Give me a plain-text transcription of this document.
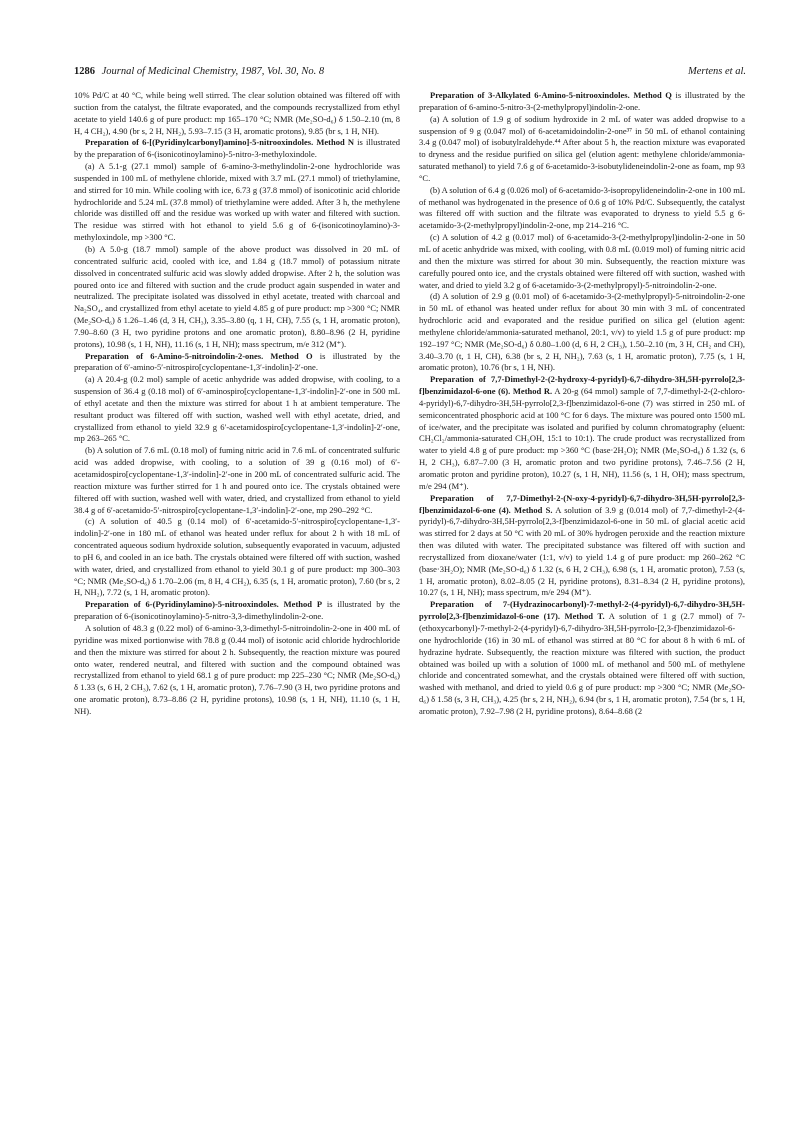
1286 Journal of Medicinal Chemistry, 1987, Vol. 30, No. 8	Mertens et al.

10% Pd/C at 40 °C, while being well stirred. The clear solution obtained was filtered off with suction from the catalyst, the filtrate evaporated, and the compounds recrystallized from ethyl acetate to yield 140.6 g of pure product: mp 165–170 °C; NMR (Me₂SO-d₆) δ 1.50–2.10 (m, 8 H, 4 CH₂), 4.90 (br s, 2 H, NH₂), 5.93–7.15 (3 H, aromatic protons), 9.85 (br s, 1 H, NH).

Preparation of 6-[(Pyridinylcarbonyl)amino]-5-nitrooxindoles. Method N is illustrated by the preparation of 6-(isonicotinoylamino)-5-nitro-3-methyloxindole.

(a) A 5.1-g (27.1 mmol) sample of 6-amino-3-methylindolin-2-one hydrochloride was suspended in 100 mL of methylene chloride, mixed with 3.7 mL (27.1 mmol) of triethylamine, and stirred for 10 min. While cooling with ice, 6.73 g (37.8 mmol) of isonicotinic acid chloride hydrochloride and 5.24 mL (37.8 mmol) of triethylamine were added. After 3 h, the methylene chloride was distilled off and the residue was worked up with water and filtered with suction. The residue was stirred with hot ethanol to yield 5.6 g of 6-(isonicotinoylamino)-3-methyloxindole, mp >300 °C.

(b) A 5.0-g (18.7 mmol) sample of the above product was dissolved in 20 mL of concentrated sulfuric acid, cooled with ice, and 1.84 g (18.7 mmol) of potassium nitrate dissolved in concentrated sulfuric acid was slowly added dropwise. After 2 h, the solution was poured onto ice and filtered with suction and the crude product again suspended in water and neutralized. The precipitate isolated was dissolved in ethyl acetate, treated with charcoal and Na₂SO₄, and crystallized from ethyl acetate to yield 4.85 g of pure product: mp >300 °C; NMR (Me₂SO-d₆) δ 1.26–1.46 (d, 3 H, CH₃), 3.35–3.80 (q, 1 H, CH), 7.55 (s, 1 H, aromatic proton), 7.90–8.60 (3 H, two pyridine protons and one aromatic proton), 8.80–8.96 (2 H, pyridine protons), 10.98 (s, 1 H, NH), 11.16 (s, 1 H, NH); mass spectrum, m/e 312 (M⁺).

Preparation of 6-Amino-5-nitroindolin-2-ones. Method O is illustrated by the preparation of 6′-amino-5′-nitrospiro[cyclopentane-1,3′-indolin]-2′-one.

(a) A 20.4-g (0.2 mol) sample of acetic anhydride was added dropwise, with cooling, to a suspension of 36.4 g (0.18 mol) of 6′-aminospiro[cyclopentane-1,3′-indolin]-2′-one in 500 mL of ethyl acetate and then the mixture was stirred for about 1 h at ambient temperature. The resultant product was filtered off with suction, washed well with ethyl acetate, dried, and crystallized from ethanol to yield 32.9 g 6′-acetamidospiro[cyclopentane-1,3′-indolin]-2′-one, mp 263–265 °C.

(b) A solution of 7.6 mL (0.18 mol) of fuming nitric acid in 7.6 mL of concentrated sulfuric acid was added dropwise, with cooling, to a solution of 39 g (0.16 mol) of 6′-acetamidospiro[cyclopentane-1,3′-indolin]-2′-one in 200 mL of concentrated sulfuric acid. The reaction mixture was further stirred for 1 h and poured onto ice. The crystals obtained were filtered off with suction, washed well with water, dried, and crystallized from ethanol to yield 38.4 g of 6′-acetamido-5′-nitrospiro[cyclopentane-1,3′-indolin]-2′-one, mp 290–292 °C.

(c) A solution of 40.5 g (0.14 mol) of 6′-acetamido-5′-nitrospiro[cyclopentane-1,3′-indolin]-2′-one in 180 mL of ethanol was heated under reflux for about 2 h with 18 mL of concentrated aqueous sodium hydroxide solution, subsequently evaporated in vacuum, adjusted to pH 6, and cooled in an ice bath. The crystals obtained were filtered off with suction, washed with water, dried, and crystallized from ethanol to yield 30.1 g of pure product: mp 300–303 °C; NMR (Me₂SO-d₆) δ 1.70–2.06 (m, 8 H, 4 CH₂), 6.35 (s, 1 H, aromatic proton), 7.60 (br s, 2 H, NH₂), 7.72 (s, 1 H, aromatic proton).

Preparation of 6-(Pyridinylamino)-5-nitrooxindoles. Method P is illustrated by the preparation of 6-(isonicotinoylamino)-5-nitro-3,3-dimethylindolin-2-one.

A solution of 48.3 g (0.22 mol) of 6-amino-3,3-dimethyl-5-nitroindolin-2-one in 400 mL of pyridine was mixed portionwise with 78.8 g (0.44 mol) of isotonic acid chloride hydrochloride and then the mixture was stirred for about 2 h. Subsequently, the reaction mixture was poured onto water, rendered neutral, and filtered with suction and the compound obtained was recrystallized from ethanol to yield 68.1 g of pure product: mp 225–230 °C; NMR (Me₂SO-d₆) δ 1.33 (s, 6 H, 2 CH₃), 7.62 (s, 1 H, aromatic proton), 7.76–7.90 (3 H, two pyridine protons and one aromatic proton), 8.73–8.86 (2 H, pyridine protons), 10.98 (s, 1 H, NH), 11.10 (s, 1 H, NH).

Preparation of 3-Alkylated 6-Amino-5-nitrooxindoles. Method Q is illustrated by the preparation of 6-amino-5-nitro-3-(2-methylpropyl)indolin-2-one.

(a) A solution of 1.9 g of sodium hydroxide in 2 mL of water was added dropwise to a suspension of 9 g (0.047 mol) of 6-acetamidoindolin-2-one³⁷ in 50 mL of ethanol containing 3.4 g (0.047 mol) of isobutylraldehyde.⁴⁴ After about 5 h, the reaction mixture was evaporated to dryness and the residue purified on silica gel (elution agent: methylene chloride/ammonia-saturated methanol) to yield 7.6 g of 6-acetamido-3-isobutylideneindolin-2-one as foam, mp 93 °C.

(b) A solution of 6.4 g (0.026 mol) of 6-acetamido-3-isopropylideneindolin-2-one in 100 mL of methanol was hydrogenated in the presence of 0.6 g of 10% Pd/C. Subsequently, the catalyst was filtered off with suction and the filtrate was evaporated to dryness to yield 5.5 g 6-acetamido-3-(2-methylpropyl)indolin-2-one, mp 214–216 °C.

(c) A solution of 4.2 g (0.017 mol) of 6-acetamido-3-(2-methylpropyl)indolin-2-one in 50 mL of acetic anhydride was mixed, with cooling, with 0.8 mL (0.019 mol) of fuming nitric acid and then the mixture was stirred for about 30 min. Subsequently, the reaction mixture was carefully poured onto ice, and the crystals obtained were filtered off with suction, washed with water, and dried to yield 3.2 g of 6-acetamido-3-(2-methylpropyl)-5-nitroindolin-2-one.

(d) A solution of 2.9 g (0.01 mol) of 6-acetamido-3-(2-methylpropyl)-5-nitroindolin-2-one in 50 mL of ethanol was heated under reflux for about 30 min with 3 mL of concentrated hydrochloric acid and evaporated and the residue purified on silica gel (elution agent: methylene chloride/ammonia-saturated methanol, 20:1, v/v) to yield 1.5 g of pure product: mp 192–197 °C; NMR (Me₂SO-d₆) δ 0.80–1.00 (d, 6 H, 2 CH₃), 1.50–2.10 (m, 3 H, CH₂ and CH), 3.40–3.70 (t, 1 H, CH), 6.38 (br s, 2 H, NH₂), 7.63 (s, 1 H, aromatic proton), 7.75 (s, 1 H, aromatic proton), 10.76 (br s, 1 H, NH).

Preparation of 7,7-Dimethyl-2-(2-hydroxy-4-pyridyl)-6,7-dihydro-3H,5H-pyrrolo[2,3-f]benzimidazol-6-one (6). Method R. A 20-g (64 mmol) sample of 7,7-dimethyl-2-(2-chloro-4-pyridyl)-6,7-dihydro-3H,5H-pyrrolo[2,3-f]benzimidazol-6-one (7) was stirred in 250 mL of semiconcentrated phosphoric acid at 100 °C for 6 days. The mixture was poured onto 1500 mL of ice/water, and the precipitate was isolated and purified by column chromatography (eluent: CH₂Cl₂/ammonia-saturated CH₃OH, 15:1 to 10:1). The crude product was recrystallized from water to yield 4.8 g of pure product: mp >360 °C (base·2H₂O); NMR (Me₂SO-d₆) δ 1.32 (s, 6 H, 2 CH₃), 6.87–7.00 (3 H, aromatic proton and two pyridine protons), 7.46–7.56 (2 H, aromatic proton and pyridine proton), 10.27 (s, 1 H, NH), 11.56 (s, 1 H, OH); mass spectrum, m/e 294 (M⁺).

Preparation of 7,7-Dimethyl-2-(N-oxy-4-pyridyl)-6,7-dihydro-3H,5H-pyrrolo[2,3-f]benzimidazol-6-one (4). Method S. A solution of 3.9 g (0.014 mol) of 7,7-dimethyl-2-(4-pyridyl)-6,7-dihydro-3H,5H-pyrrolo[2,3-f]benzimidazol-6-one in 50 mL of glacial acetic acid was stirred for 2 days at 50 °C with 20 mL of 30% hydrogen peroxide and the reaction mixture then was diluted with water. The precipitated substance was filtered off with suction and recrystallized from dioxane/water (1:1, v/v) to yield 1.4 g of pure product: mp 260–262 °C (base·3H₂O); NMR (Me₂SO-d₆) δ 1.32 (s, 6 H, 2 CH₃), 6.98 (s, 1 H, aromatic proton), 7.53 (s, 1 H, aromatic proton), 8.02–8.05 (2 H, pyridine protons), 8.31–8.34 (2 H, pyridine protons), 10.27 (s, 1 H, NH); mass spectrum, m/e 294 (M⁺).

Preparation of 7-(Hydrazinocarbonyl)-7-methyl-2-(4-pyridyl)-6,7-dihydro-3H,5H-pyrrolo[2,3-f]benzimidazol-6-one (17). Method T. A solution of 1 g (2.7 mmol) of 7-(ethoxycarbonyl)-7-methyl-2-(4-pyridyl)-6,7-dihydro-3H,5H-pyrrolo-[2,3-f]benzimidazol-6-one hydrochloride (16) in 30 mL of ethanol was stirred at 80 °C for about 8 h with 6 mL of hydrazine hydrate. Subsequently, the reaction mixture was filtered with suction, the product obtained was boiled up with a solution of 1000 mL of methanol and 500 mL of methylene chloride and concentrated somewhat, and the crystals obtained were filtered off with suction, washed with methanol, and dried to yield 0.6 g of pure product: mp >300 °C; NMR (Me₂SO-d₆) δ 1.58 (s, 3 H, CH₃), 4.25 (br s, 2 H, NH₂), 6.94 (br s, 1 H, aromatic proton), 7.54 (br s, 1 H, aromatic proton), 7.92–7.98 (2 H, pyridine protons), 8.64–8.68 (2
